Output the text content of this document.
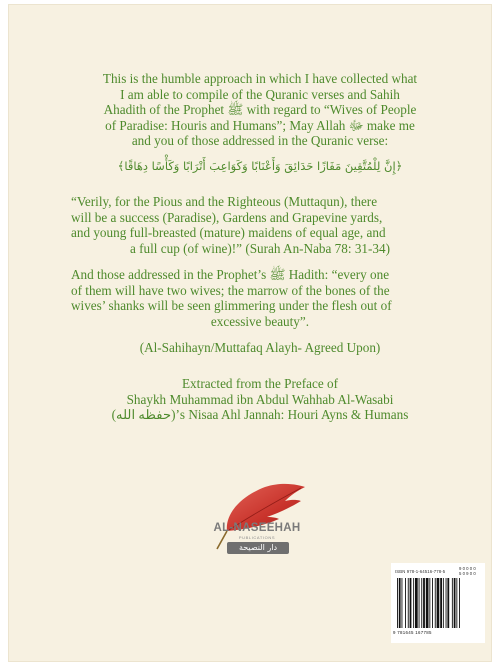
This is the humble approach in which I have collected what
I am able to compile of the Quranic verses and Sahih
Ahadith of the Prophet ﷺ with regard to “Wives of People
of Paradise: Houris and Humans”; May Allah ﷻ make me
and you of those addressed in the Quranic verse:
﴿إِنَّ لِلْمُتَّقِينَ مَفَازًا حَدَائِقَ وَأَعْنَابًا وَكَوَاعِبَ أَتْرَابًا وَكَأْسًا دِهَاقًا﴾
“Verily, for the Pious and the Righteous (Muttaqun), there
will be a success (Paradise), Gardens and Grapevine yards,
and young full-breasted (mature) maidens of equal age, and
a full cup (of wine)!” (Surah An-Naba 78: 31-34)
And those addressed in the Prophet’s ﷺ Hadith: “every one
of them will have two wives; the marrow of the bones of the
wives’ shanks will be seen glimmering under the flesh out of
excessive beauty”.
(Al-Sahihayn/Muttafaq Alayh- Agreed Upon)
Extracted from the Preface of
Shaykh Muhammad ibn Abdul Wahhab Al-Wasabi
(حفظه الله)’s Nisaa Ahl Jannah: Houri Ayns & Humans
AL-NASEEHAH
PUBLICATIONS
دار النصيحة
ISBN 978-1-64516-778-5
9 0 0 0 0
5 0 9 0 0
9 781645 167785
